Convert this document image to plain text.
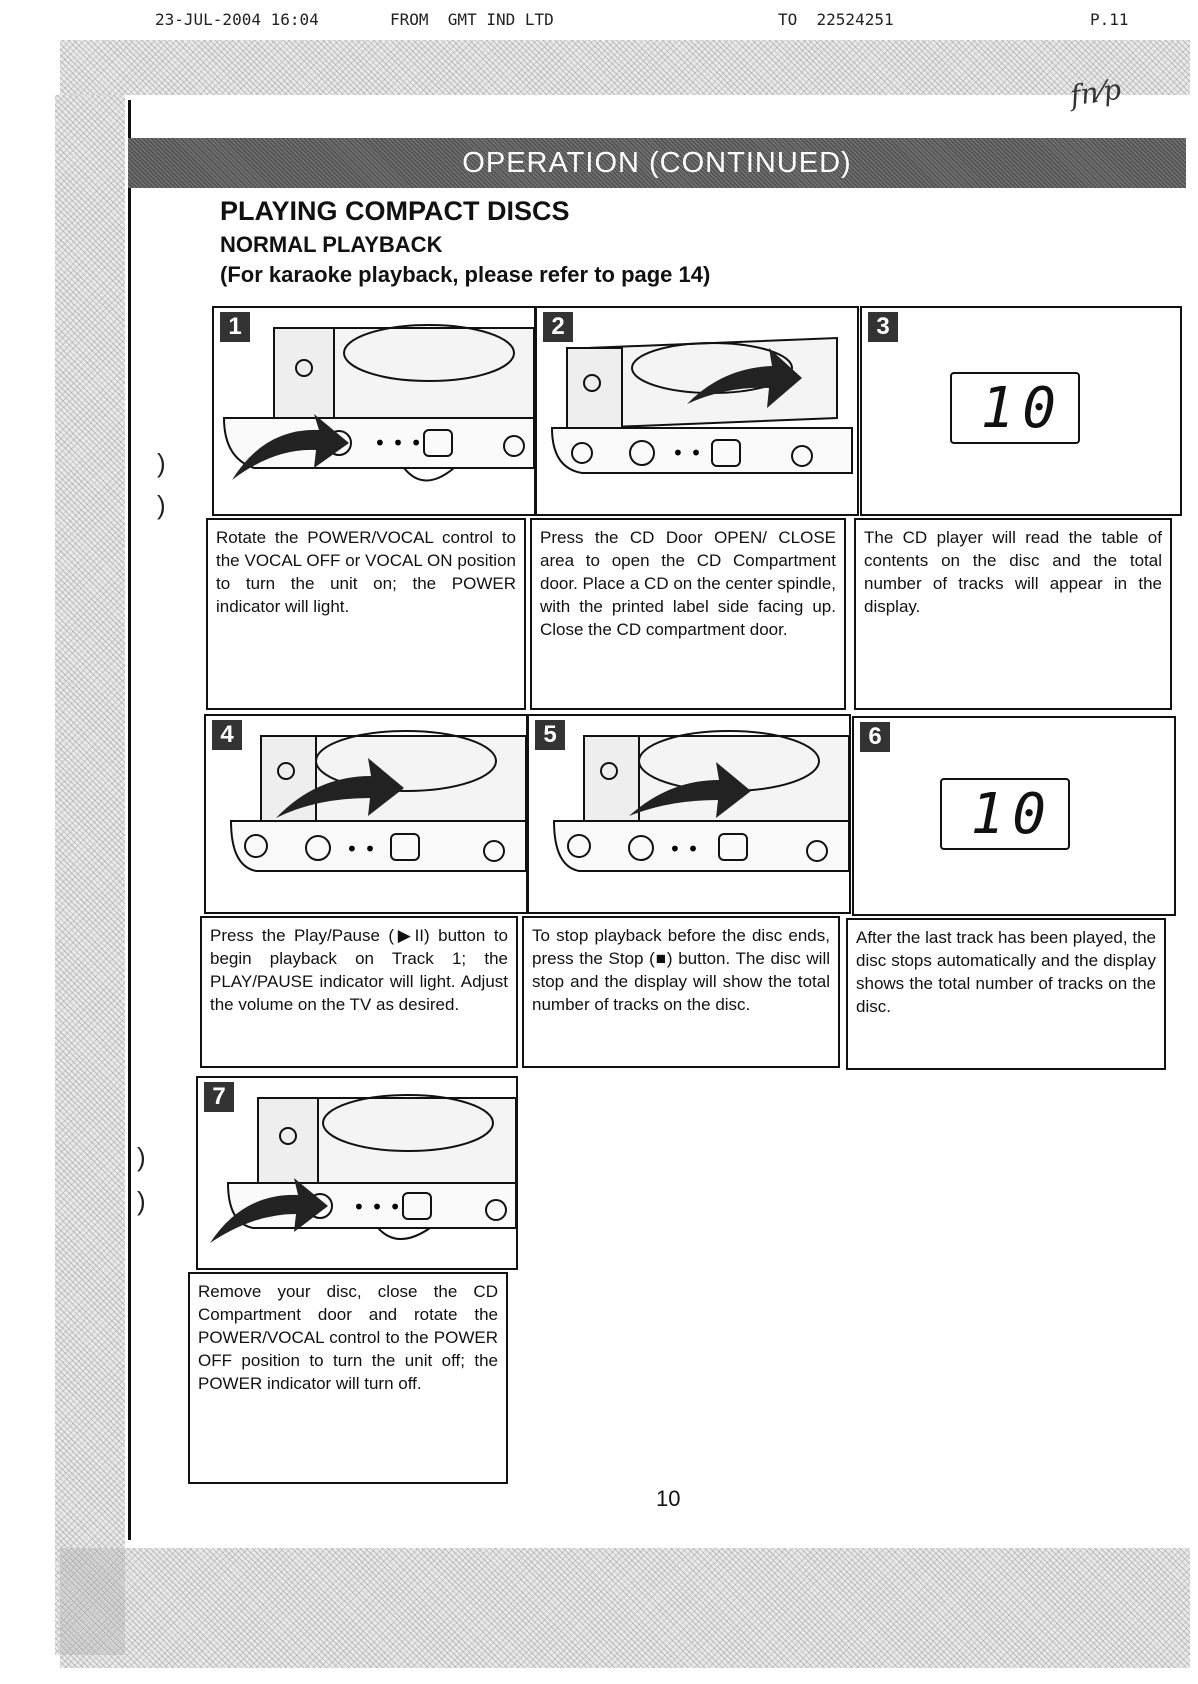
23-JUL-2004 16:04	FROM  GMT IND LTD	TO  22524251	P.11
fn⁄p
OPERATION (CONTINUED)
PLAYING COMPACT DISCS
NORMAL PLAYBACK
(For karaoke playback, please refer to page 14)
)
)
)
)
1
• • •
Rotate the POWER/VOCAL control to the VOCAL OFF or VOCAL ON position to turn the unit on; the POWER indicator will light.
2
• •
Press the CD Door OPEN/ CLOSE area to open the CD Compartment door. Place a CD on the center spindle, with the printed label side facing up. Close the CD compartment door.
3
10
The CD player will read the table of contents on the disc and the total number of tracks will appear in the display.
4
• •
Press the Play/Pause (▶II) button to begin playback on Track 1; the PLAY/PAUSE indicator will light. Adjust the volume on the TV as desired.
5
• •
To stop playback before the disc ends, press the Stop (■) button. The disc will stop and the display will show the total number of tracks on the disc.
6
10
After the last track has been played, the disc stops automatically and the display shows the total number of tracks on the disc.
7
• • •
Remove your disc, close the CD Compartment door and rotate the POWER/VOCAL control to the POWER OFF position to turn the unit off; the POWER indicator will turn off.
10
